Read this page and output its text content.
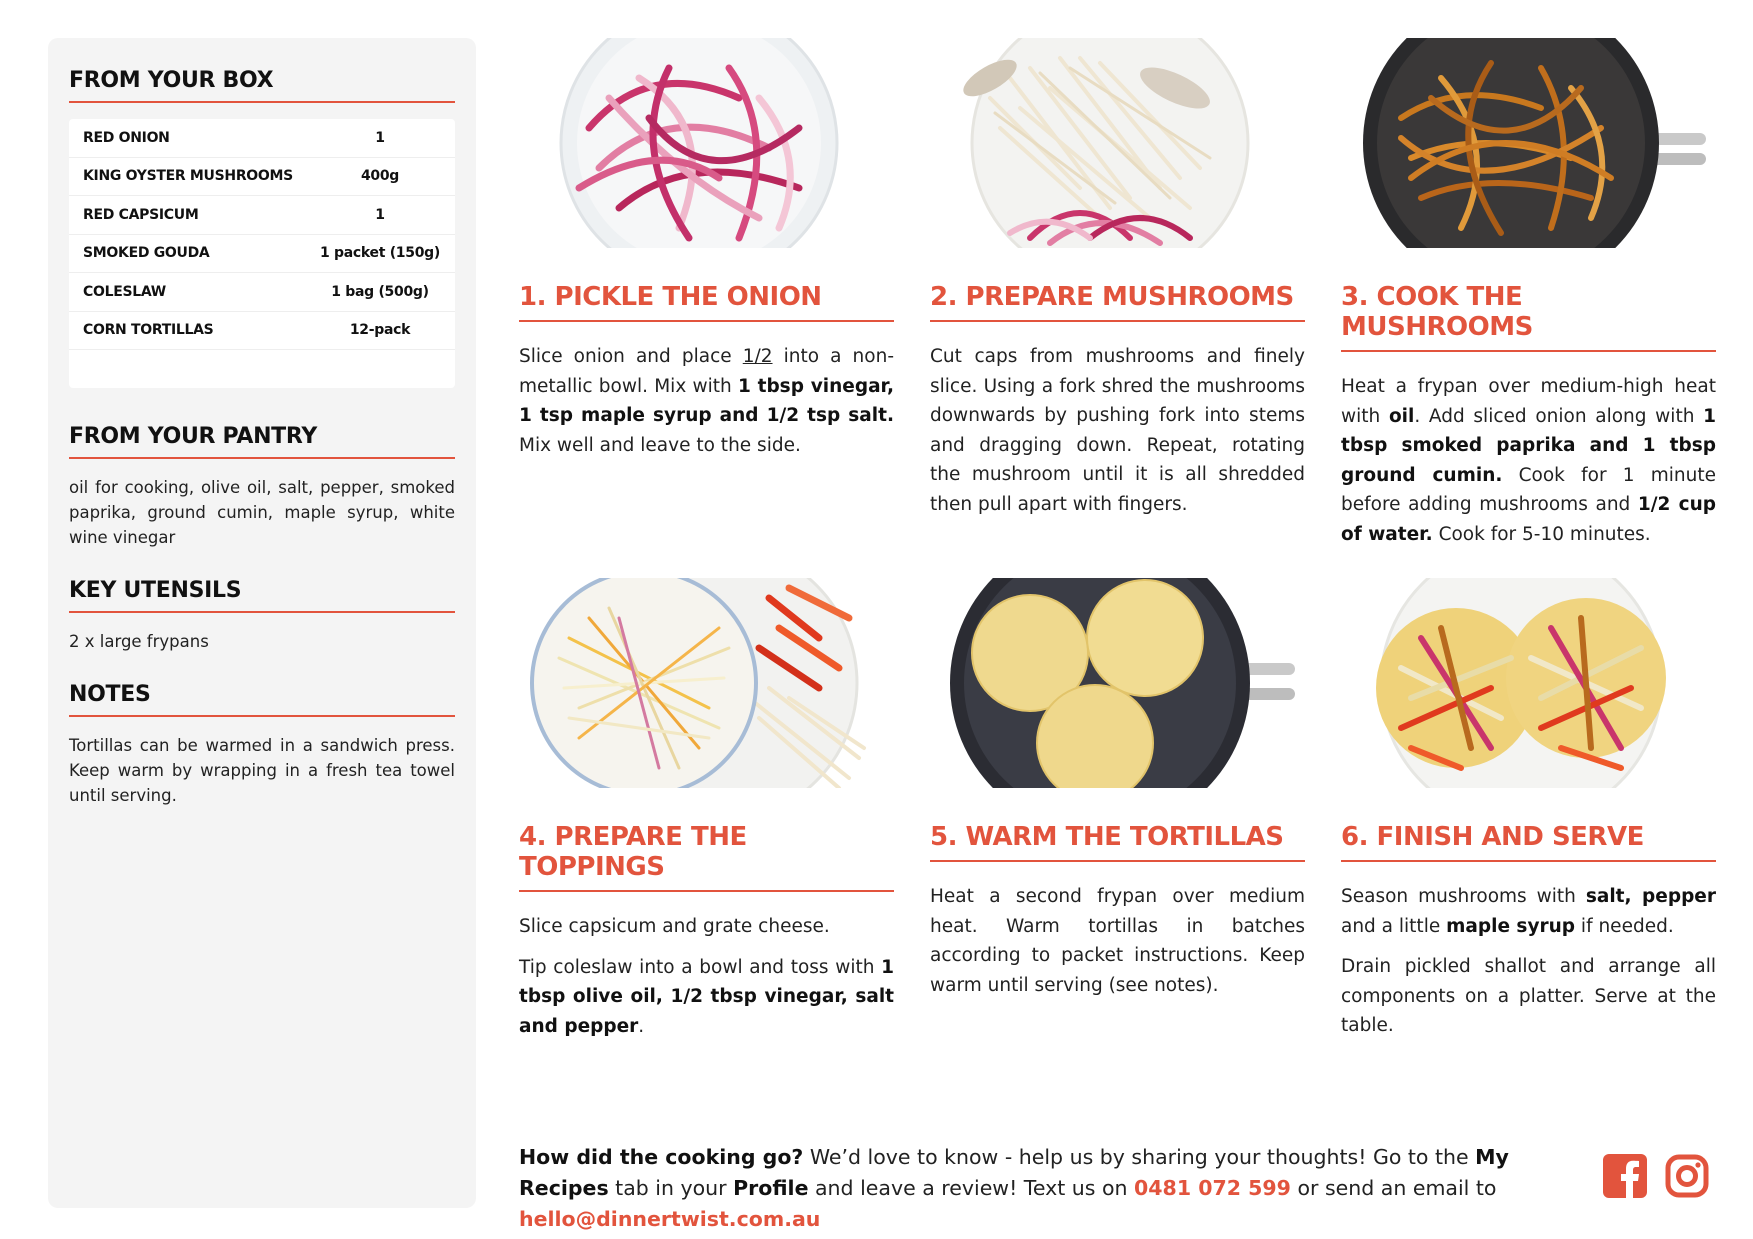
FROM YOUR BOX
RED ONION	1
KING OYSTER MUSHROOMS	400g
RED CAPSICUM	1
SMOKED GOUDA	1 packet (150g)
COLESLAW	1 bag (500g)
CORN TORTILLAS	12-pack
FROM YOUR PANTRY
oil for cooking, olive oil, salt, pepper, smoked paprika, ground cumin, maple syrup, white wine vinegar
KEY UTENSILS
2 x large frypans
NOTES
Tortillas can be warmed in a sandwich press. Keep warm by wrapping in a fresh tea towel until serving.
1. PICKLE THE ONION

Slice onion and place 1/2 into a non-metallic bowl. Mix with 1 tbsp vinegar, 1 tsp maple syrup and 1/2 tsp salt. Mix well and leave to the side.

2. PREPARE MUSHROOMS

Cut caps from mushrooms and finely slice. Using a fork shred the mushrooms downwards by pushing fork into stems and dragging down. Repeat, rotating the mushroom until it is all shredded then pull apart with fingers.

3. COOK THE MUSHROOMS

Heat a frypan over medium-high heat with oil. Add sliced onion along with 1 tbsp smoked paprika and 1 tbsp ground cumin. Cook for 1 minute before adding mushrooms and 1/2 cup of water. Cook for 5-10 minutes.

4. PREPARE THE TOPPINGS

Slice capsicum and grate cheese.

Tip coleslaw into a bowl and toss with 1 tbsp olive oil, 1/2 tbsp vinegar, salt and pepper.

5. WARM THE TORTILLAS

Heat a second frypan over medium heat. Warm tortillas in batches according to packet instructions. Keep warm until serving (see notes).

6. FINISH AND SERVE

Season mushrooms with salt, pepper and a little maple syrup if needed.

Drain pickled shallot and arrange all components on a platter. Serve at the table.

How did the cooking go? We’d love to know - help us by sharing your thoughts! Go to the My Recipes tab in your Profile and leave a review! Text us on 0481 072 599 or send an email to hello@dinnertwist.com.au
